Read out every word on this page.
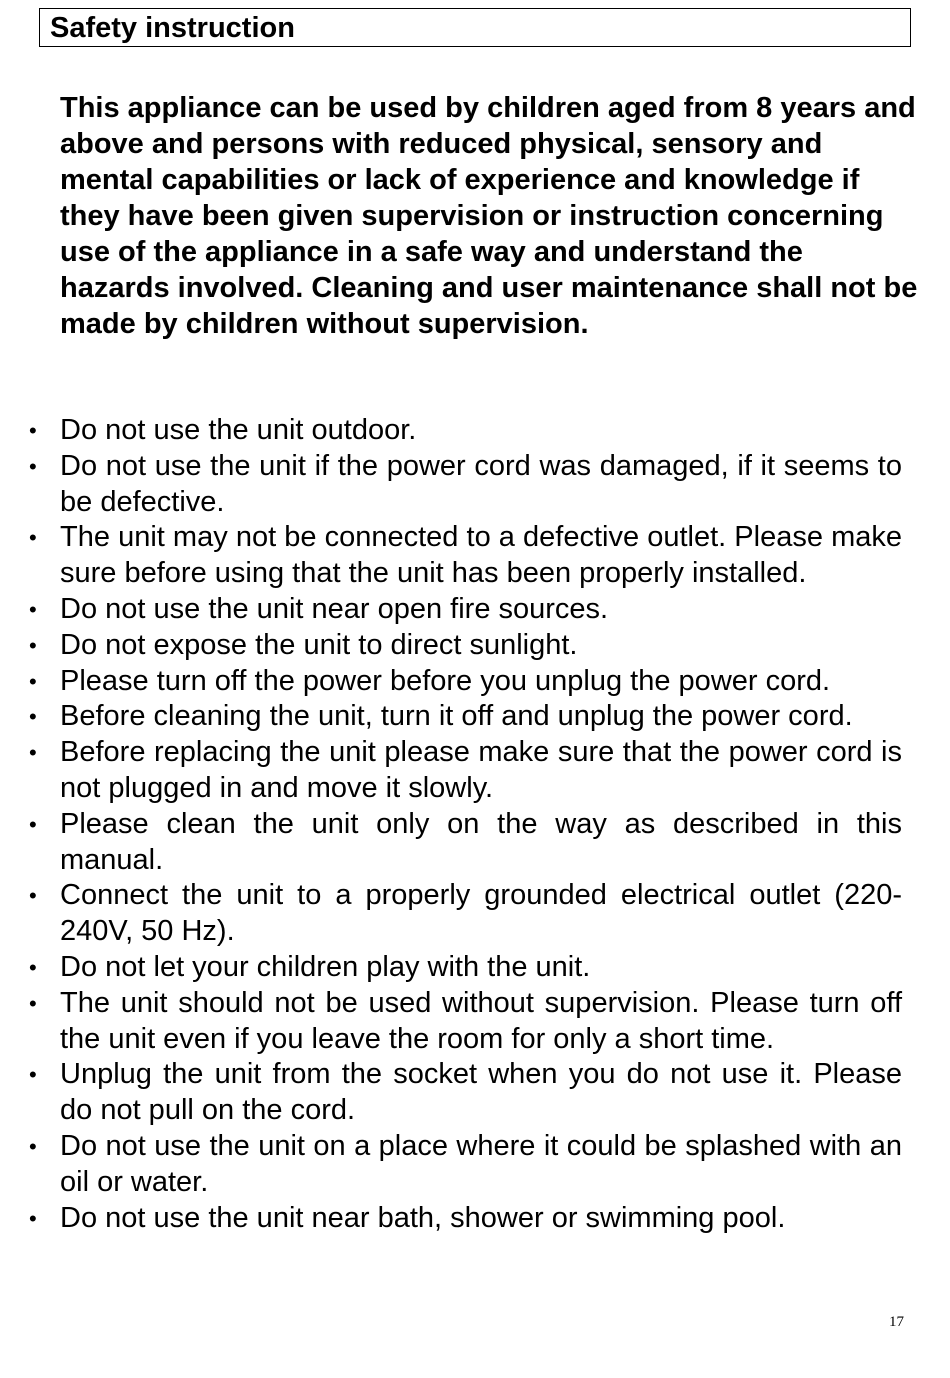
Safety instruction

This appliance can be used by children aged from 8 years and above and persons with reduced physical, sensory and mental capabilities or lack of experience and knowledge if they have been given supervision or instruction concerning use of the appliance in a safe way and understand the hazards involved. Cleaning and user maintenance shall not be made by children without supervision.

• Do not use the unit outdoor.
• Do not use the unit if the power cord was damaged, if it seems to be defective.
• The unit may not be connected to a defective outlet. Please make sure before using that the unit has been properly installed.
• Do not use the unit near open fire sources.
• Do not expose the unit to direct sunlight.
• Please turn off the power before you unplug the power cord.
• Before cleaning the unit, turn it off and unplug the power cord.
• Before replacing the unit please make sure that the power cord is not plugged in and move it slowly.
• Please clean the unit only on the way as described in this manual.
• Connect the unit to a properly grounded electrical outlet (220-240V, 50 Hz).
• Do not let your children play with the unit.
• The unit should not be used without supervision. Please turn off the unit even if you leave the room for only a short time.
• Unplug the unit from the socket when you do not use it. Please do not pull on the cord.
• Do not use the unit on a place where it could be splashed with an oil or water.
• Do not use the unit near bath, shower or swimming pool.

17
